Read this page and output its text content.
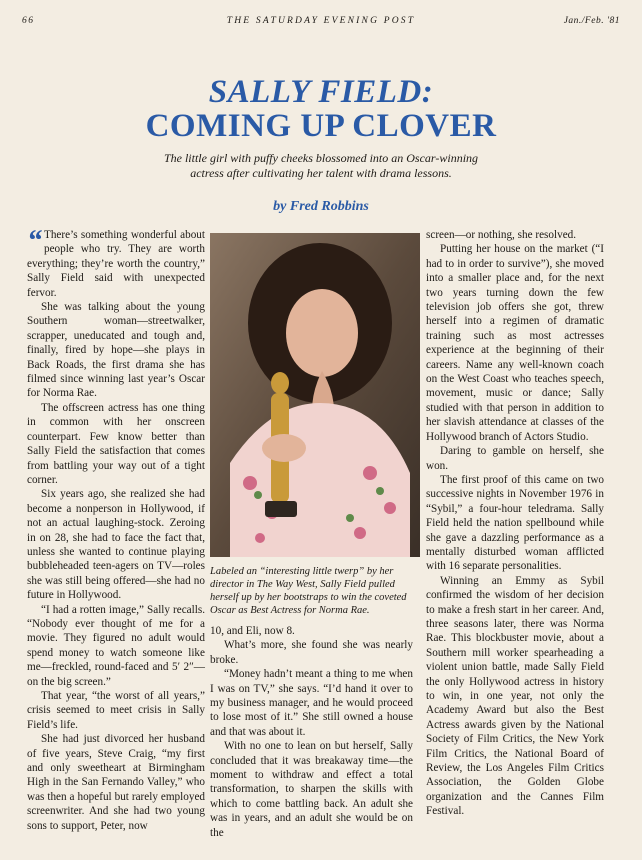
66	THE SATURDAY EVENING POST	Jan./Feb. '81
SALLY FIELD:
COMING UP CLOVER
The little girl with puffy cheeks blossomed into an Oscar-winning actress after cultivating her talent with drama lessons.
by Fred Robbins

“ There’s something wonderful about people who try. They are worth everything; they’re worth the country,” Sally Field said with unexpected fervor.

She was talking about the young Southern woman—streetwalker, scrapper, uneducated and tough and, finally, fired by hope—she plays in Back Roads, the first drama she has filmed since winning last year’s Oscar for Norma Rae.

The offscreen actress has one thing in common with her onscreen counterpart. Few know better than Sally Field the satisfaction that comes from battling your way out of a tight corner.

Six years ago, she realized she had become a nonperson in Hollywood, if not an actual laughing-stock. Zeroing in on 28, she had to face the fact that, unless she wanted to continue playing bubbleheaded teen-agers on TV—roles she was still being offered—she had no future in Hollywood.

“I had a rotten image,” Sally recalls. “Nobody ever thought of me for a movie. They figured no adult would spend money to watch someone like me—freckled, round-faced and 5′ 2″—on the big screen.”

That year, “the worst of all years,” crisis seemed to meet crisis in Sally Field’s life.

She had just divorced her husband of five years, Steve Craig, “my first and only sweetheart at Birmingham High in the San Fernando Valley,” who was then a hopeful but rarely employed screenwriter. And she had two young sons to support, Peter, now

Labeled an “interesting little twerp” by her director in The Way West, Sally Field pulled herself up by her bootstraps to win the coveted Oscar as Best Actress for Norma Rae.

10, and Eli, now 8.

What’s more, she found she was nearly broke.

“Money hadn’t meant a thing to me when I was on TV,” she says. “I’d hand it over to my business manager, and he would proceed to lose most of it.” She still owned a house and that was about it.

With no one to lean on but herself, Sally concluded that it was breakaway time—the moment to withdraw and effect a total transformation, to sharpen the skills with which to come battling back. An adult she was in years, and an adult she would be on the

screen—or nothing, she resolved.

Putting her house on the market (“I had to in order to survive”), she moved into a smaller place and, for the next two years turning down the few television job offers she got, threw herself into a regimen of dramatic training such as most actresses experience at the beginning of their careers. Name any well-known coach on the West Coast who teaches speech, movement, music or dance; Sally studied with that person in addition to her slavish attendance at classes of the Hollywood branch of Actors Studio.

Daring to gamble on herself, she won.

The first proof of this came on two successive nights in November 1976 in “Sybil,” a four-hour teledrama. Sally Field held the nation spellbound while she gave a dazzling performance as a mentally disturbed woman afflicted with 16 separate personalities.

Winning an Emmy as Sybil confirmed the wisdom of her decision to make a fresh start in her career. And, three seasons later, there was Norma Rae. This blockbuster movie, about a Southern mill worker spearheading a violent union battle, made Sally Field the only Hollywood actress in history to win, in one year, not only the Academy Award but also the Best Actress awards given by the National Society of Film Critics, the New York Film Critics, the National Board of Review, the Los Angeles Film Critics Association, the Golden Globe organization and the Cannes Film Festival.
